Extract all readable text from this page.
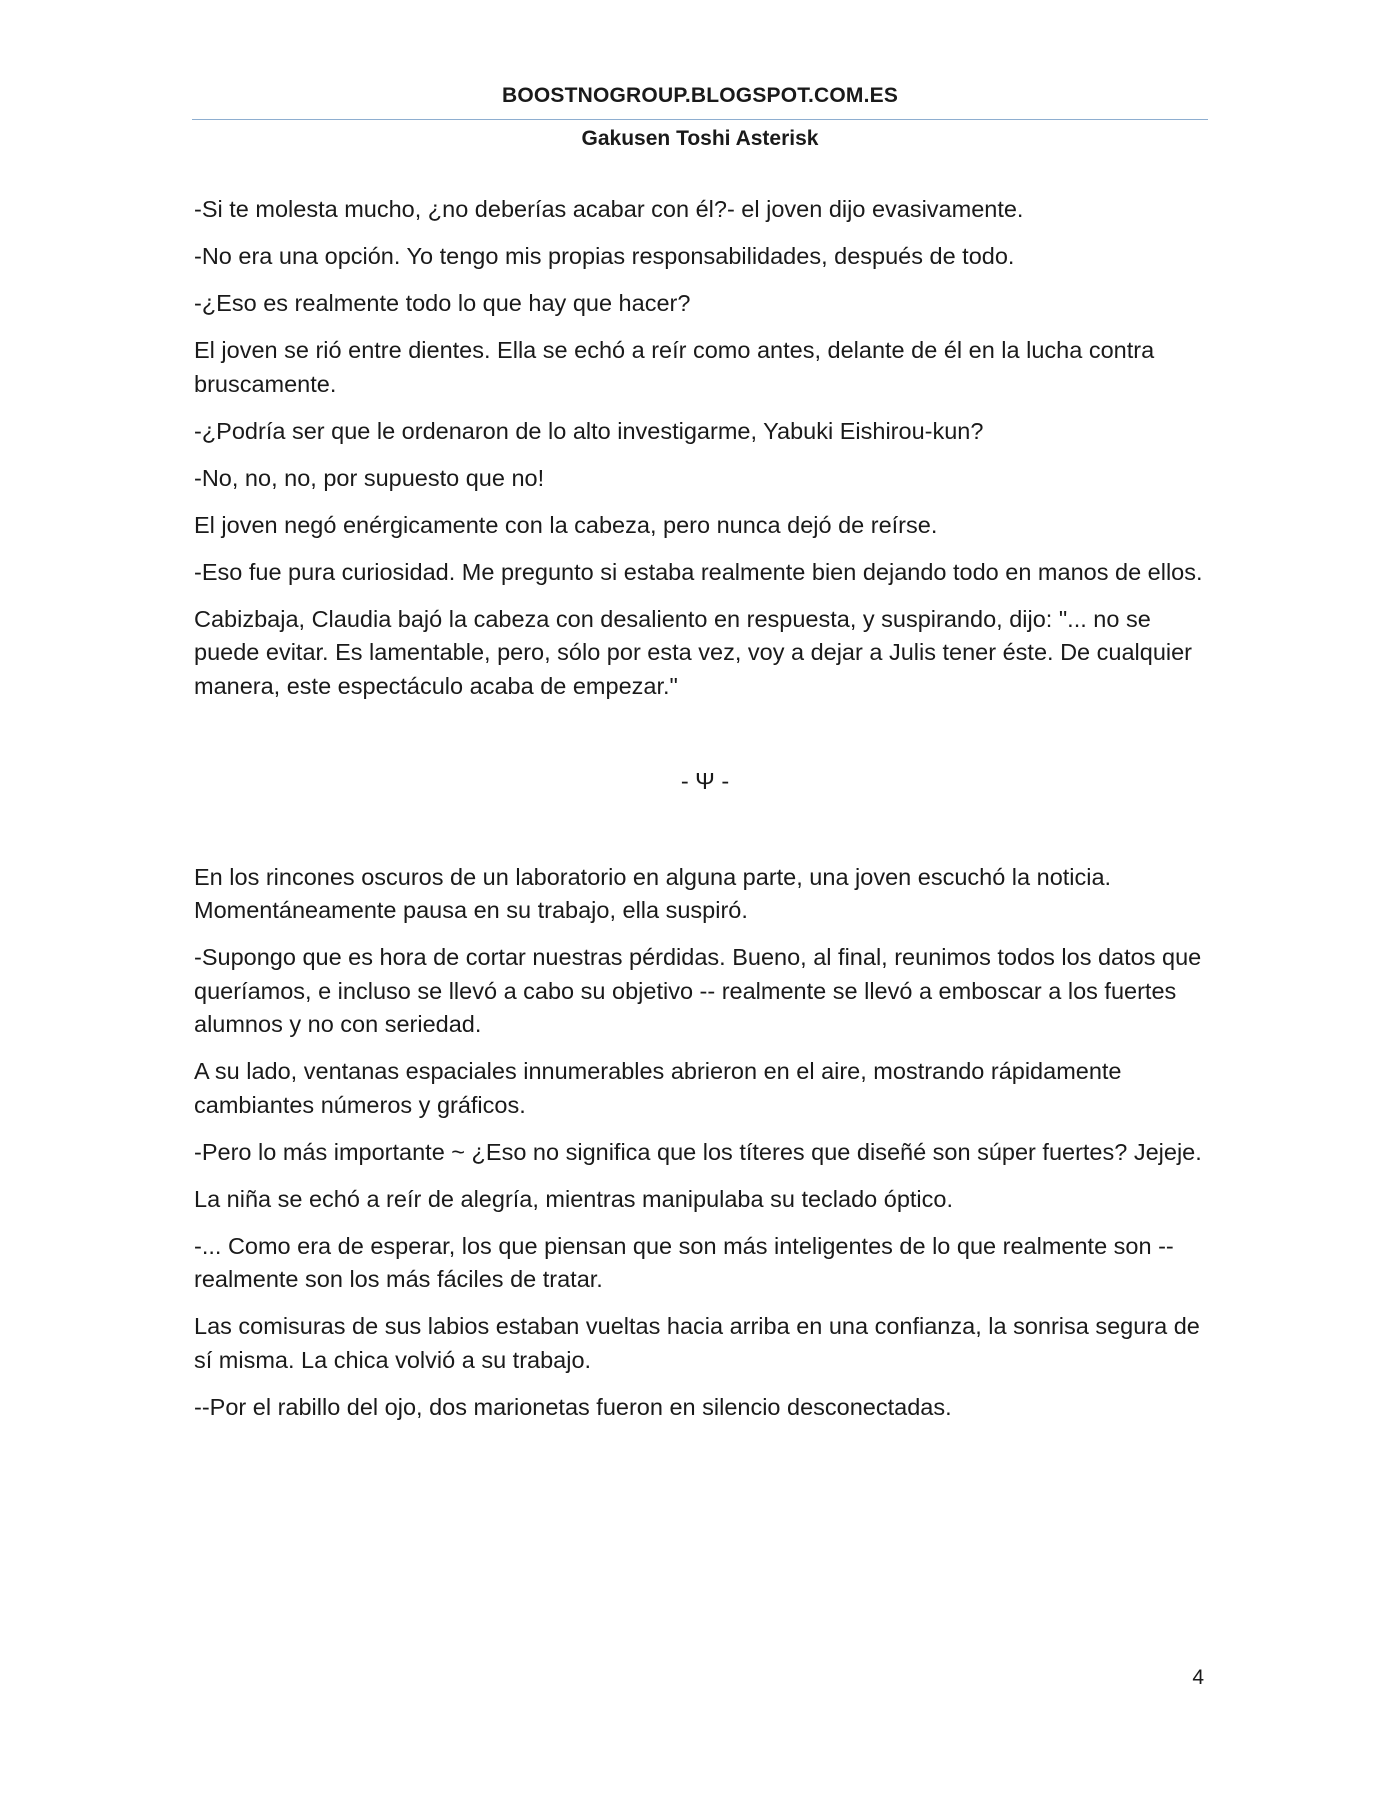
BOOSTNOGROUP.BLOGSPOT.COM.ES
Gakusen Toshi Asterisk

-Si te molesta mucho, ¿no deberías acabar con él?- el joven dijo evasivamente.

-No era una opción. Yo tengo mis propias responsabilidades, después de todo.

-¿Eso es realmente todo lo que hay que hacer?

El joven se rió entre dientes. Ella se echó a reír como antes, delante de él en la lucha contra bruscamente.

-¿Podría ser que le ordenaron de lo alto investigarme, Yabuki Eishirou-kun?

-No, no, no, por supuesto que no!

El joven negó enérgicamente con la cabeza, pero nunca dejó de reírse.

-Eso fue pura curiosidad. Me pregunto si estaba realmente bien dejando todo en manos de ellos.

Cabizbaja, Claudia bajó la cabeza con desaliento en respuesta, y suspirando, dijo: "... no se puede evitar. Es lamentable, pero, sólo por esta vez, voy a dejar a Julis tener éste. De cualquier manera, este espectáculo acaba de empezar."

- Ψ -

En los rincones oscuros de un laboratorio en alguna parte, una joven escuchó la noticia. Momentáneamente pausa en su trabajo, ella suspiró.

-Supongo que es hora de cortar nuestras pérdidas. Bueno, al final, reunimos todos los datos que queríamos, e incluso se llevó a cabo su objetivo -- realmente se llevó a emboscar a los fuertes alumnos y no con seriedad.

A su lado, ventanas espaciales innumerables abrieron en el aire, mostrando rápidamente cambiantes números y gráficos.

-Pero lo más importante ~ ¿Eso no significa que los títeres que diseñé son súper fuertes? Jejeje.

La niña se echó a reír de alegría, mientras manipulaba su teclado óptico.

-... Como era de esperar, los que piensan que son más inteligentes de lo que realmente son -- realmente son los más fáciles de tratar.

Las comisuras de sus labios estaban vueltas hacia arriba en una confianza, la sonrisa segura de sí misma. La chica volvió a su trabajo.

--Por el rabillo del ojo, dos marionetas fueron en silencio desconectadas.

4
